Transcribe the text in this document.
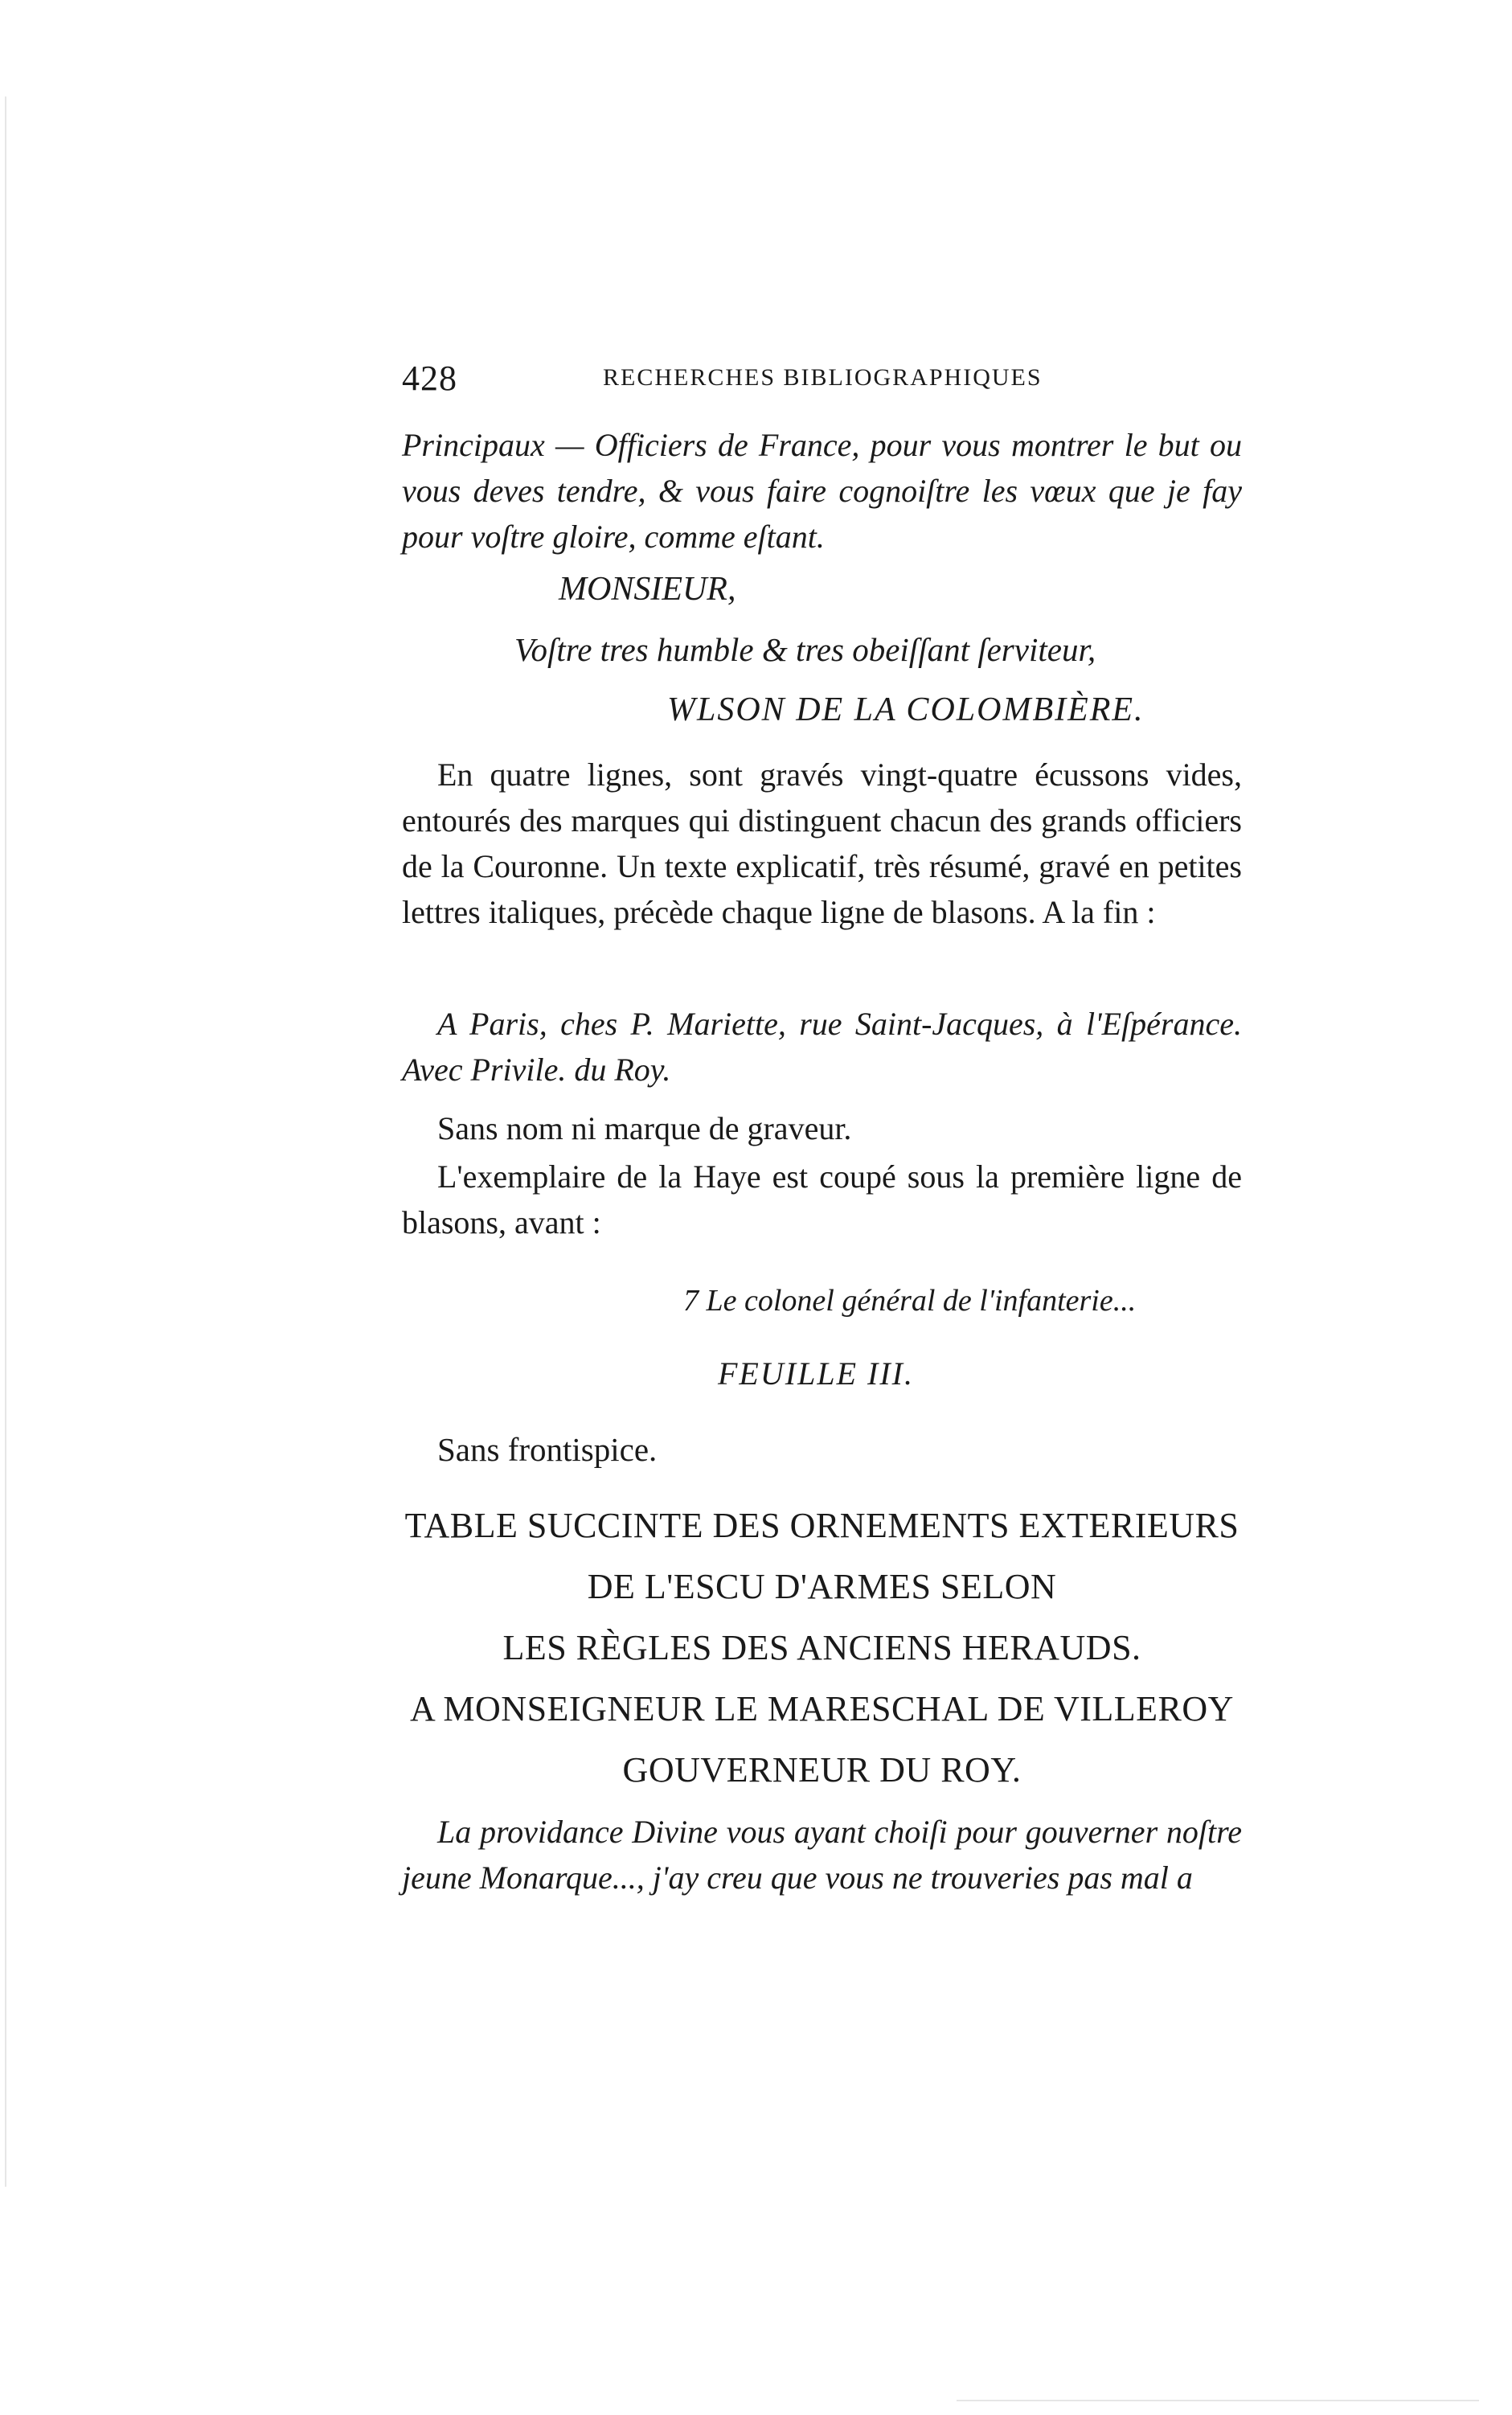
428	RECHERCHES BIBLIOGRAPHIQUES

Principaux — Officiers de France, pour vous montrer le but ou vous deves tendre, & vous faire cognoiſtre les vœux que je fay pour voſtre gloire, comme eſtant.

MONSIEUR,

Voſtre tres humble & tres obeiſſant ſerviteur,

WLSON DE LA COLOMBIÈRE.

En quatre lignes, sont gravés vingt-quatre écussons vides, entourés des marques qui distinguent chacun des grands officiers de la Couronne. Un texte explicatif, très résumé, gravé en petites lettres italiques, précède chaque ligne de blasons. A la fin :

A Paris, ches P. Mariette, rue Saint-Jacques, à l'Eſpérance. Avec Privile. du Roy.

Sans nom ni marque de graveur.

L'exemplaire de la Haye est coupé sous la première ligne de blasons, avant :

7 Le colonel général de l'infanterie...

FEUILLE III.

Sans frontispice.

TABLE SUCCINTE DES ORNEMENTS EXTERIEURS

DE L'ESCU D'ARMES SELON

LES RÈGLES DES ANCIENS HERAUDS.

A MONSEIGNEUR LE MARESCHAL DE VILLEROY

GOUVERNEUR DU ROY.

La providance Divine vous ayant choiſi pour gouverner noſtre jeune Monarque..., j'ay creu que vous ne trouveries pas mal a
